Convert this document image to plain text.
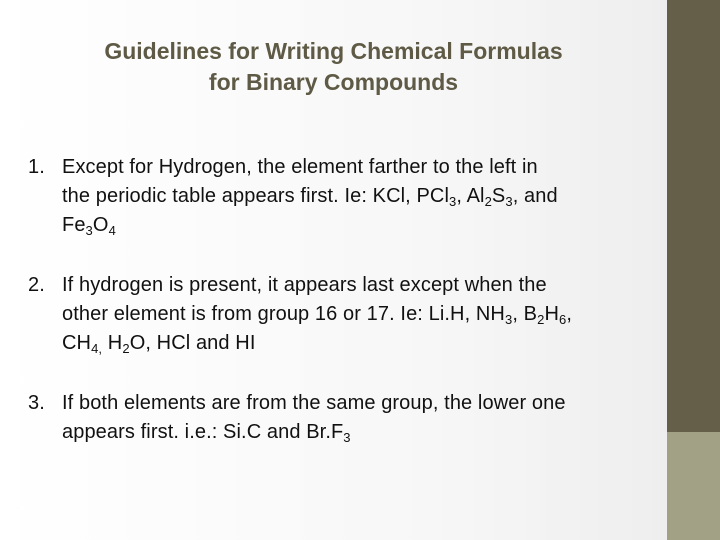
Guidelines for Writing Chemical Formulas
for Binary Compounds
1. Except for Hydrogen, the element farther to the left in
the periodic table appears first. Ie: KCl, PCl$_3$, $Al_2S_3$, and
$Fe_3O_4$
2. If hydrogen is present, it appears last except when the
other element is from group 16 or 17. Ie: Li.H, $NH_3$, $B_2H_6$,
$CH_{4,}$ $H_2O$, HCl and HI
3. If both elements are from the same group, the lower one
appears first. i.e.: Si.C and $Br.F_3$
